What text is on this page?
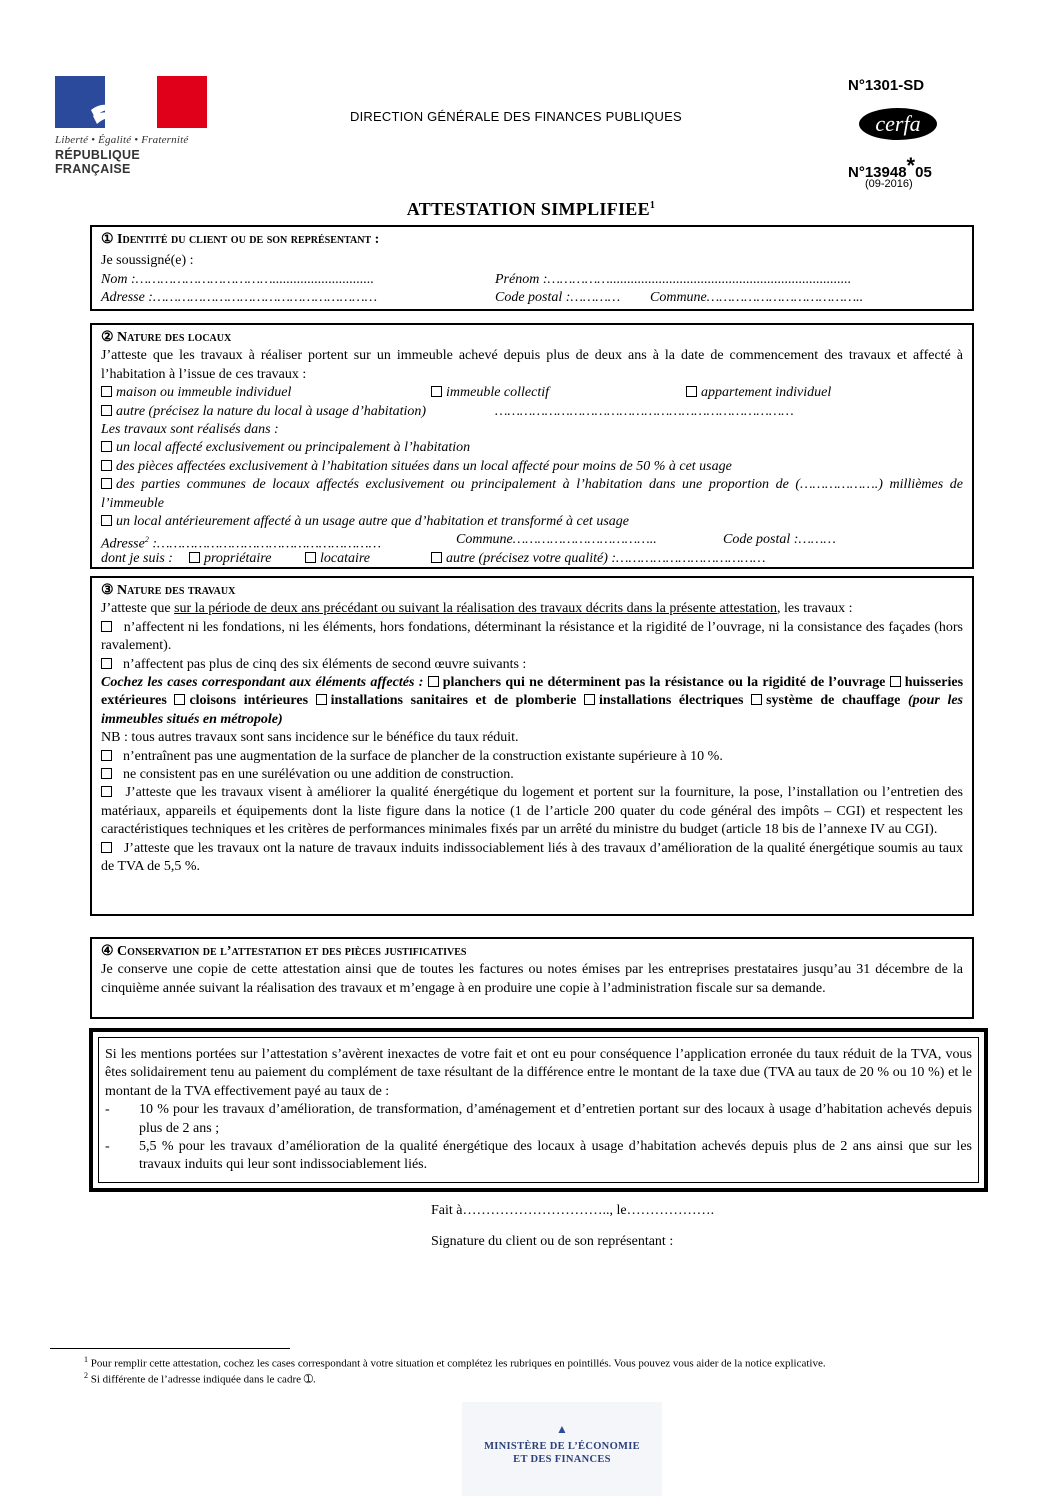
Liberté • Égalité • Fraternité
RÉPUBLIQUE FRANÇAISE
DIRECTION GÉNÉRALE DES FINANCES PUBLIQUES
N°1301-SD
cerfa
N°13948*05
(09-2016)
ATTESTATION SIMPLIFIEE$^1$
① Identité du client ou de son représentant :
Je soussigné(e) :
Nom :…………………………….............................	Prénom :…………….....................................................................
Adresse :………………………………………………	Code postal :………… Commune………………………………..
② Nature des locaux
J’atteste que les travaux à réaliser portent sur un immeuble achevé depuis plus de deux ans à la date de commencement des travaux et affecté à l’habitation à l’issue de ces travaux :
maison ou immeuble individuel	immeuble collectif	appartement individuel
autre (précisez la nature du local à usage d’habitation)	………………………………………………………………
Les travaux sont réalisés dans :
un local affecté exclusivement ou principalement à l’habitation
des pièces affectées exclusivement à l’habitation situées dans un local affecté pour moins de 50 % à cet usage
des parties communes de locaux affectés exclusivement ou principalement à l’habitation dans une proportion de (……………….) millièmes de l’immeuble
un local antérieurement affecté à un usage autre que d’habitation et transformé à cet usage
Adresse$^2$ :………………………………………………	Commune……………………………..	Code postal :………
dont je suis :	propriétaire	locataire	autre (précisez votre qualité) :………………………………
③ Nature des travaux
J’atteste que sur la période de deux ans précédant ou suivant la réalisation des travaux décrits dans la présente attestation, les travaux :
n’affectent ni les fondations, ni les éléments, hors fondations, déterminant la résistance et la rigidité de l’ouvrage, ni la consistance des façades (hors ravalement).
n’affectent pas plus de cinq des six éléments de second œuvre suivants :
Cochez les cases correspondant aux éléments affectés : planchers qui ne déterminent pas la résistance ou la rigidité de l’ouvrage huisseries extérieures cloisons intérieures installations sanitaires et de plomberie installations électriques système de chauffage (pour les immeubles situés en métropole)
NB : tous autres travaux sont sans incidence sur le bénéfice du taux réduit.
n’entraînent pas une augmentation de la surface de plancher de la construction existante supérieure à 10 %.
ne consistent pas en une surélévation ou une addition de construction.
J’atteste que les travaux visent à améliorer la qualité énergétique du logement et portent sur la fourniture, la pose, l’installation ou l’entretien des matériaux, appareils et équipements dont la liste figure dans la notice (1 de l’article 200 quater du code général des impôts – CGI) et respectent les caractéristiques techniques et les critères de performances minimales fixés par un arrêté du ministre du budget (article 18 bis de l’annexe IV au CGI).
J’atteste que les travaux ont la nature de travaux induits indissociablement liés à des travaux d’amélioration de la qualité énergétique soumis au taux de TVA de 5,5 %.
④ Conservation de l’attestation et des pièces justificatives
Je conserve une copie de cette attestation ainsi que de toutes les factures ou notes émises par les entreprises prestataires jusqu’au 31 décembre de la cinquième année suivant la réalisation des travaux et m’engage à en produire une copie à l’administration fiscale sur sa demande.
Si les mentions portées sur l’attestation s’avèrent inexactes de votre fait et ont eu pour conséquence l’application erronée du taux réduit de la TVA, vous êtes solidairement tenu au paiement du complément de taxe résultant de la différence entre le montant de la taxe due (TVA au taux de 20 % ou 10 %) et le montant de la TVA effectivement payé au taux de :
-	10 % pour les travaux d’amélioration, de transformation, d’aménagement et d’entretien portant sur des locaux à usage d’habitation achevés depuis plus de 2 ans ;
-	5,5 % pour les travaux d’amélioration de la qualité énergétique des locaux à usage d’habitation achevés depuis plus de 2 ans ainsi que sur les travaux induits qui leur sont indissociablement liés.
Fait à………………………….., le……………….
Signature du client ou de son représentant :
$^1$ Pour remplir cette attestation, cochez les cases correspondant à votre situation et complétez les rubriques en pointillés. Vous pouvez vous aider de la notice explicative.
$^2$ Si différente de l’adresse indiquée dans le cadre ➀.
▲
MINISTÈRE DE L’ÉCONOMIE
ET DES FINANCES
